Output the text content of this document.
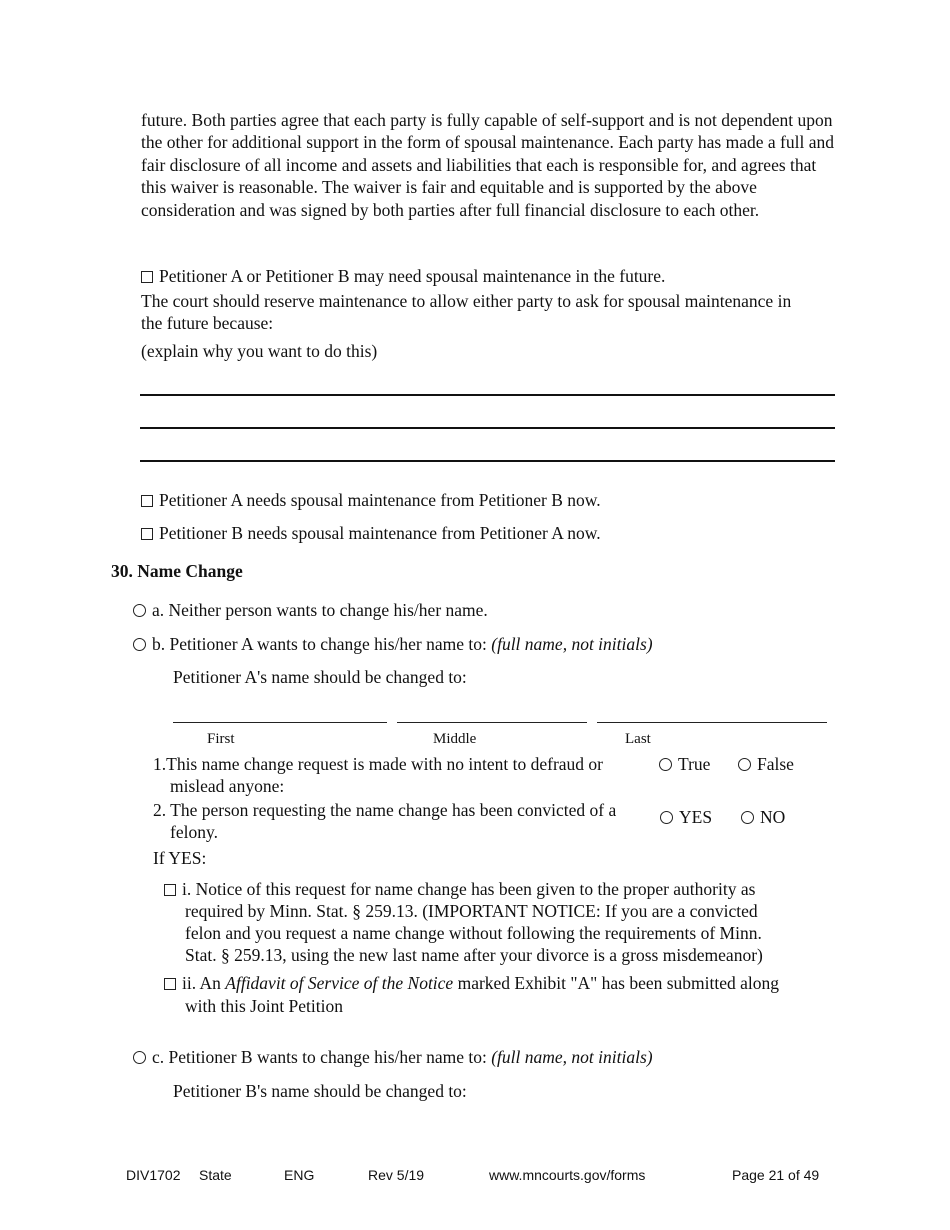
future. Both parties agree that each party is fully capable of self-support and is not dependent upon the other for additional support in the form of spousal maintenance. Each party has made a full and fair disclosure of all income and assets and liabilities that each is responsible for, and agrees that this waiver is reasonable. The waiver is fair and equitable and is supported by the above consideration and was signed by both parties after full financial disclosure to each other.
Petitioner A or Petitioner B may need spousal maintenance in the future.
The court should reserve maintenance to allow either party to ask for spousal maintenance in
the future because:
(explain why you want to do this)
Petitioner A needs spousal maintenance from Petitioner B now.
Petitioner B needs spousal maintenance from Petitioner A now.
30. Name Change
a. Neither person wants to change his/her name.
b. Petitioner A wants to change his/her name to: (full name, not initials)
Petitioner A's name should be changed to:
First	Middle	Last
1.This name change request is made with no intent to defraud or
mislead anyone:
True	False
2. The person requesting the name change has been convicted of a
felony.
YES	NO
If YES:
i. Notice of this request for name change has been given to the proper authority as
required by Minn. Stat. § 259.13. (IMPORTANT NOTICE: If you are a convicted
felon and you request a name change without following the requirements of Minn.
Stat. § 259.13, using the new last name after your divorce is a gross misdemeanor)
ii. An Affidavit of Service of the Notice marked Exhibit "A" has been submitted along
with this Joint Petition
c. Petitioner B wants to change his/her name to: (full name, not initials)
Petitioner B's name should be changed to:
DIV1702 State	ENG	Rev 5/19	www.mncourts.gov/forms	Page 21 of 49
